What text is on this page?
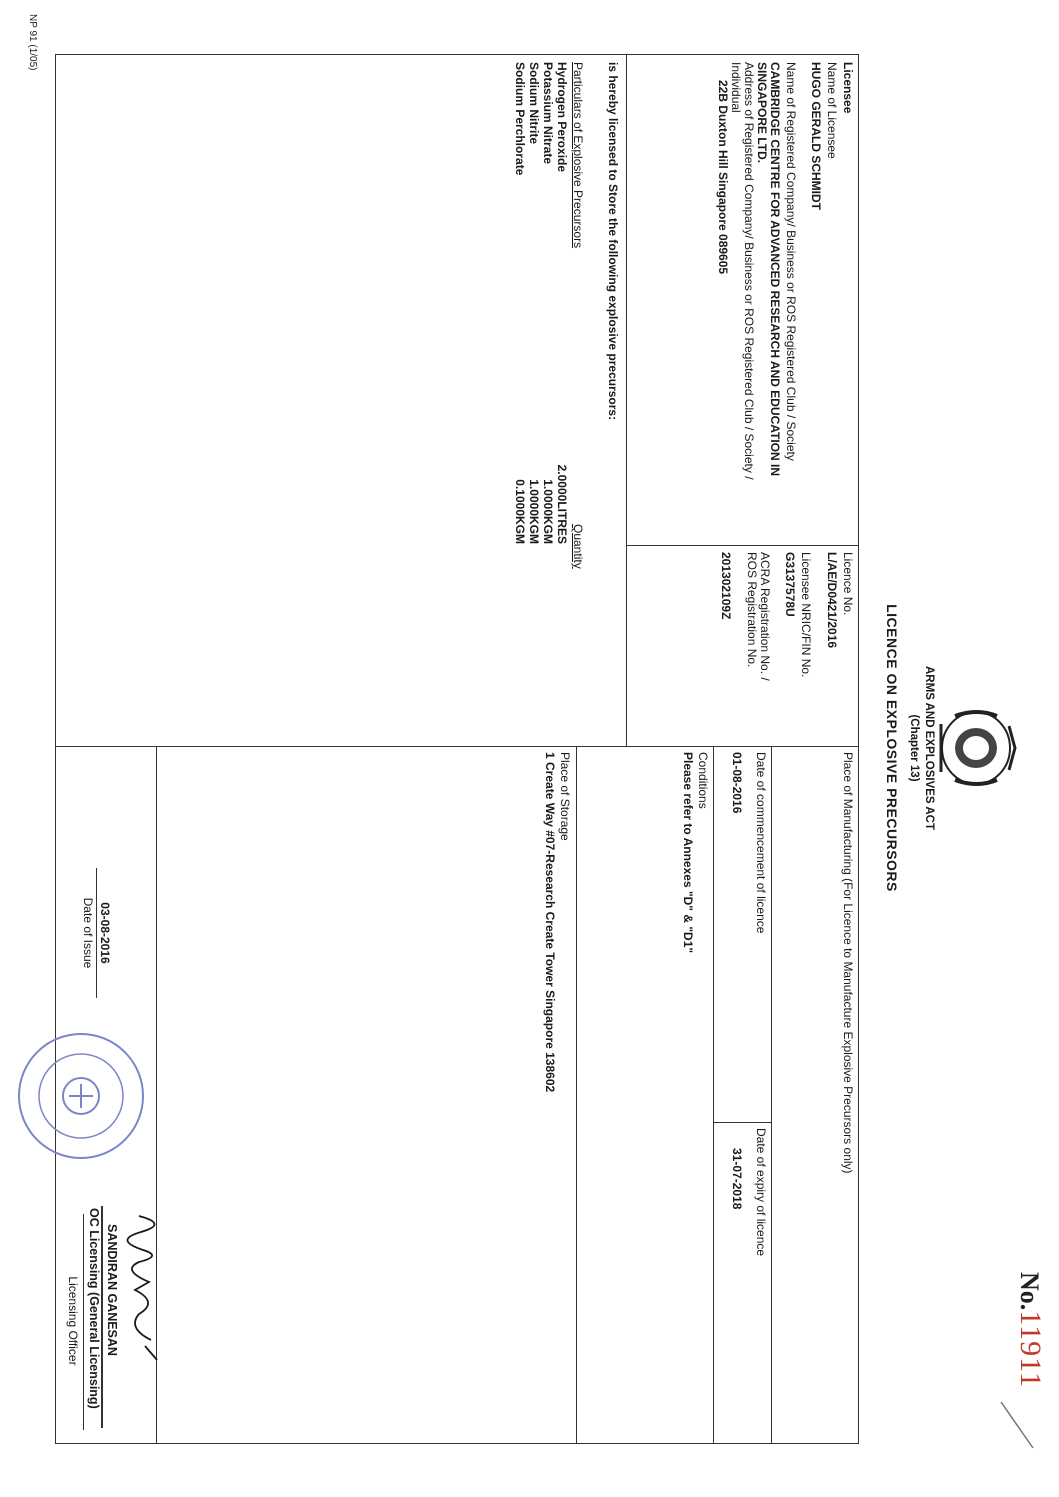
No.11911
ARMS AND EXPLOSIVES ACT
(Chapter 13)
LICENCE ON EXPLOSIVE PRECURSORS
Licensee
Name of Licensee
HUGO GERALD SCHMIDT
Name of Registered Company/ Business or ROS Registered Club / Society
CAMBRIDGE CENTRE FOR ADVANCED RESEARCH AND EDUCATION IN
SINGAPORE LTD.
Address of Registered Company/ Business or ROS Registered Club / Society /
Individual
22B Duxton Hill Singapore 089605
Licence No.
L/AE/D0421/2016
Licensee NRIC/FIN No.
G3137578U
ACRA Registration No. /
ROS Registration No.
201302109Z
Place of Manufacturing (For Licence to Manufacture Explosive Precursors only)
Date of commencement of licence
01-08-2016
Date of expiry of licence
31-07-2018
Conditions
Please refer to Annexes "D" & "D1"
Place of Storage
1 Create Way #07-Research Create Tower Singapore 138602
is hereby licensed to Store the following explosive precursors:
Particulars of Explosive Precursors
Quantity
Hydrogen Peroxide
2.0000LITRES
Potassium Nitrate
1.0000KGM
Sodium Nitrite
1.0000KGM
Sodium Perchlorate
0.1000KGM
03-08-2016
Date of Issue
SANDIRAN GANESAN
OC Licensing (General Licensing)
Licensing Officer
NP 91 (1/05)
